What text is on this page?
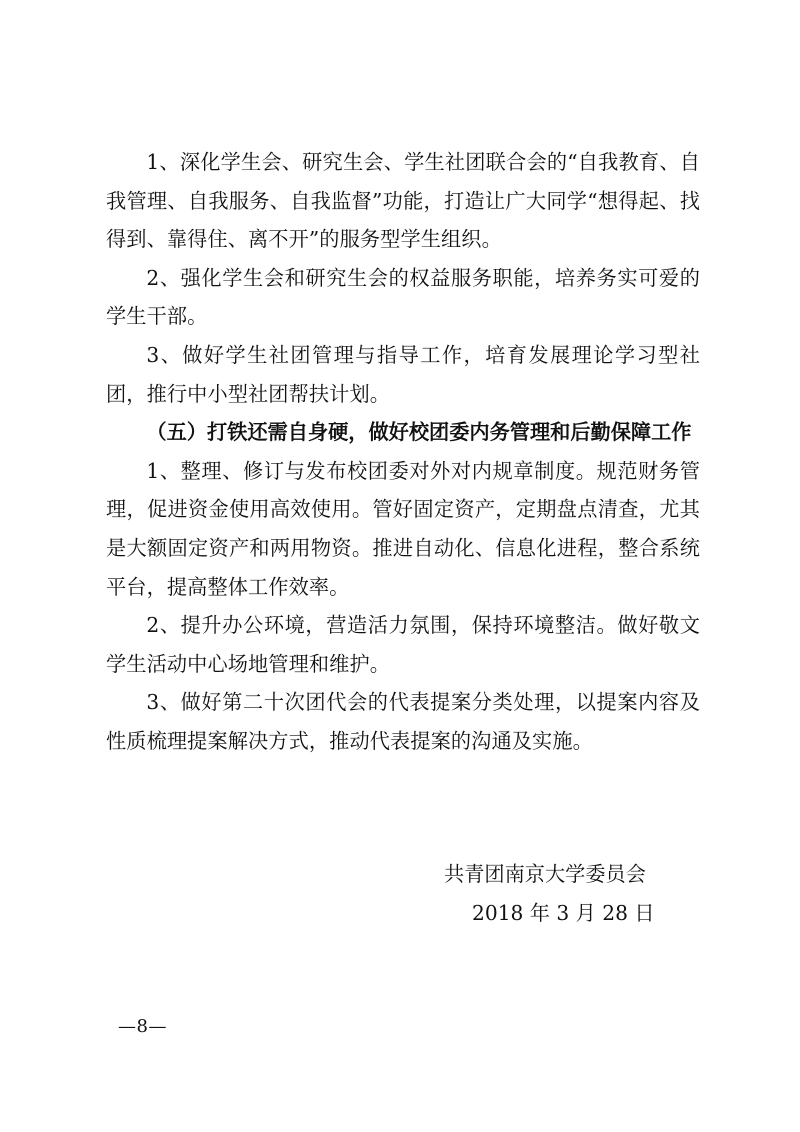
1、深化学生会、研究生会、学生社团联合会的“自我教育、自我管理、自我服务、自我监督”功能，打造让广大同学“想得起、找得到、靠得住、离不开”的服务型学生组织。

2、强化学生会和研究生会的权益服务职能，培养务实可爱的学生干部。

3、做好学生社团管理与指导工作，培育发展理论学习型社团，推行中小型社团帮扶计划。

（五）打铁还需自身硬，做好校团委内务管理和后勤保障工作

1、整理、修订与发布校团委对外对内规章制度。规范财务管理，促进资金使用高效使用。管好固定资产，定期盘点清查，尤其是大额固定资产和两用物资。推进自动化、信息化进程，整合系统平台，提高整体工作效率。

2、提升办公环境，营造活力氛围，保持环境整洁。做好敬文学生活动中心场地管理和维护。

3、做好第二十次团代会的代表提案分类处理，以提案内容及性质梳理提案解决方式，推动代表提案的沟通及实施。

共青团南京大学委员会
2018 年 3 月 28 日
—8—
